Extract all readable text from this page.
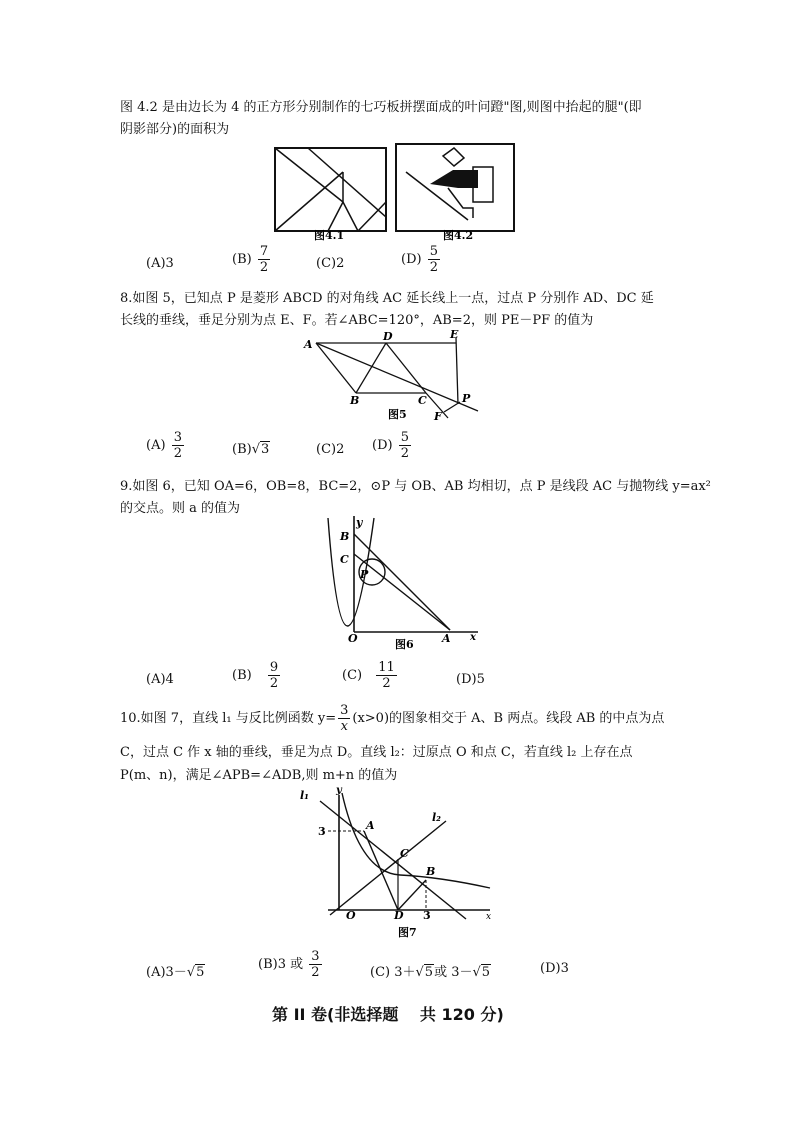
图 4.2 是由边长为 4 的正方形分别制作的七巧板拼摆面成的叶问蹬"图,则图中抬起的腿"(即
阴影部分)的面积为
图4.1	图4.2
(A)3	$(B) \frac{7}{2}$	(C)2	$(D) \frac{5}{2}$
8.如图 5，已知点 P 是菱形 ABCD 的对角线 AC 延长线上一点，过点 P 分别作 AD、DC 延
长线的垂线，垂足分别为点 E、F。若∠ABC=120°，AB=2，则 PE－PF 的值为
A
D	E
B	C
F
P
图5
$(A) \frac{3}{2}$	(B)√3	(C)2 $(D) \frac{5}{2}$
9.如图 6，已知 OA=6，OB=8，BC=2，⊙P 与 OB、AB 均相切，点 P 是线段 AC 与抛物线 y=ax²
的交点。则 a 的值为
y
B
C
P
O	A x
图6
(A)4	$(B) \frac{9}{2}$	$(C) \frac{11}{2}$	(D)5
10.如图 7，直线 l₁ 与反比例函数 $y= \frac{3}{x} (x>0)$的图象相交于 A、B 两点。线段 AB 的中点为点
C，过点 C 作 x 轴的垂线，垂足为点 D。直线 l₂：过原点 O 和点 C，若直线 l₂ 上存在点
P(m、n)，满足∠APB=∠ADB,则 m+n 的值为
l₁	y
l₂
3	A
C
B
O	D 3	x
图7
(A)3－√5
(B)3 或 $\frac{3}{2}$	(C) 3＋√5或 3－√5	(D)3
第 II 卷(非选择题　 共 120 分)
